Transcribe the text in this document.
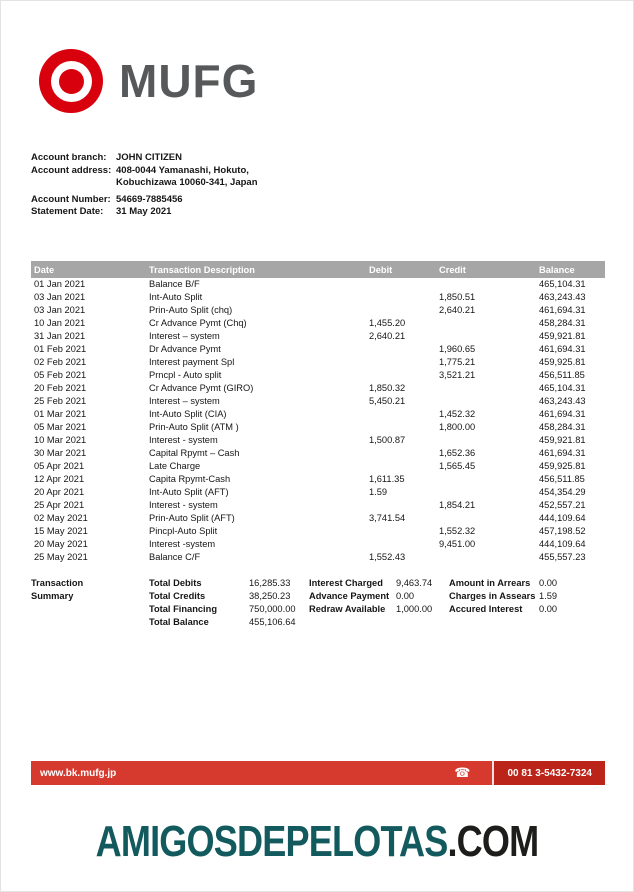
MUFG
Account branch:	JOHN CITIZEN
Account address: 408-0044 Yamanashi, Hokuto,
Kobuchizawa 10060-341, Japan
Account Number: 54669-7885456
Statement Date:	31 May 2021
Date	Transaction Description	Debit	Credit	Balance
01 Jan 2021	Balance B/F			465,104.31
03 Jan 2021	Int-Auto Split		1,850.51	463,243.43
03 Jan 2021	Prin-Auto Split (chq)		2,640.21	461,694.31
10 Jan 2021	Cr Advance Pymt (Chq)	1,455.20		458,284.31
31 Jan 2021	Interest – system	2,640.21		459,921.81
01 Feb 2021	Dr Advance Pymt		1,960.65	461,694.31
02 Feb 2021	Interest payment Spl		1,775.21	459,925.81
05 Feb 2021	Prncpl - Auto split		3,521.21	456,511.85
20 Feb 2021	Cr Advance Pymt (GIRO)	1,850.32		465,104.31
25 Feb 2021	Interest – system	5,450.21		463,243.43
01 Mar 2021	Int-Auto Split (CIA)		1,452.32	461,694.31
05 Mar 2021	Prin-Auto Split (ATM )		1,800.00	458,284.31
10 Mar 2021	Interest - system	1,500.87		459,921.81
30 Mar 2021	Capital Rpymt – Cash		1,652.36	461,694.31
05 Apr 2021	Late Charge		1,565.45	459,925.81
12 Apr 2021	Capita Rpymt-Cash	1,611.35		456,511.85
20 Apr 2021	Int-Auto Split (AFT)	1.59		454,354.29
25 Apr 2021	Interest - system		1,854.21	452,557.21
02 May 2021	Prin-Auto Split (AFT)	3,741.54		444,109.64
15 May 2021	Pincpl-Auto Split		1,552.32	457,198.52
20 May 2021	Interest -system		9,451.00	444,109.64
25 May 2021	Balance C/F	1,552.43		455,557.23
Transaction
Summary
Total Debits	16,285.33
Total Credits	38,250.23
Total Financing	750,000.00
Total Balance	455,106.64
Interest Charged	9,463.74
Advance Payment 0.00
Redraw Available	1,000.00
Amount in Arrears 0.00
Charges in Assears 1.59
Accured Interest	0.00
www.bk.mufg.jp	☎	00 81 3-5432-7324
AMIGOSDEPELOTAS.COM
